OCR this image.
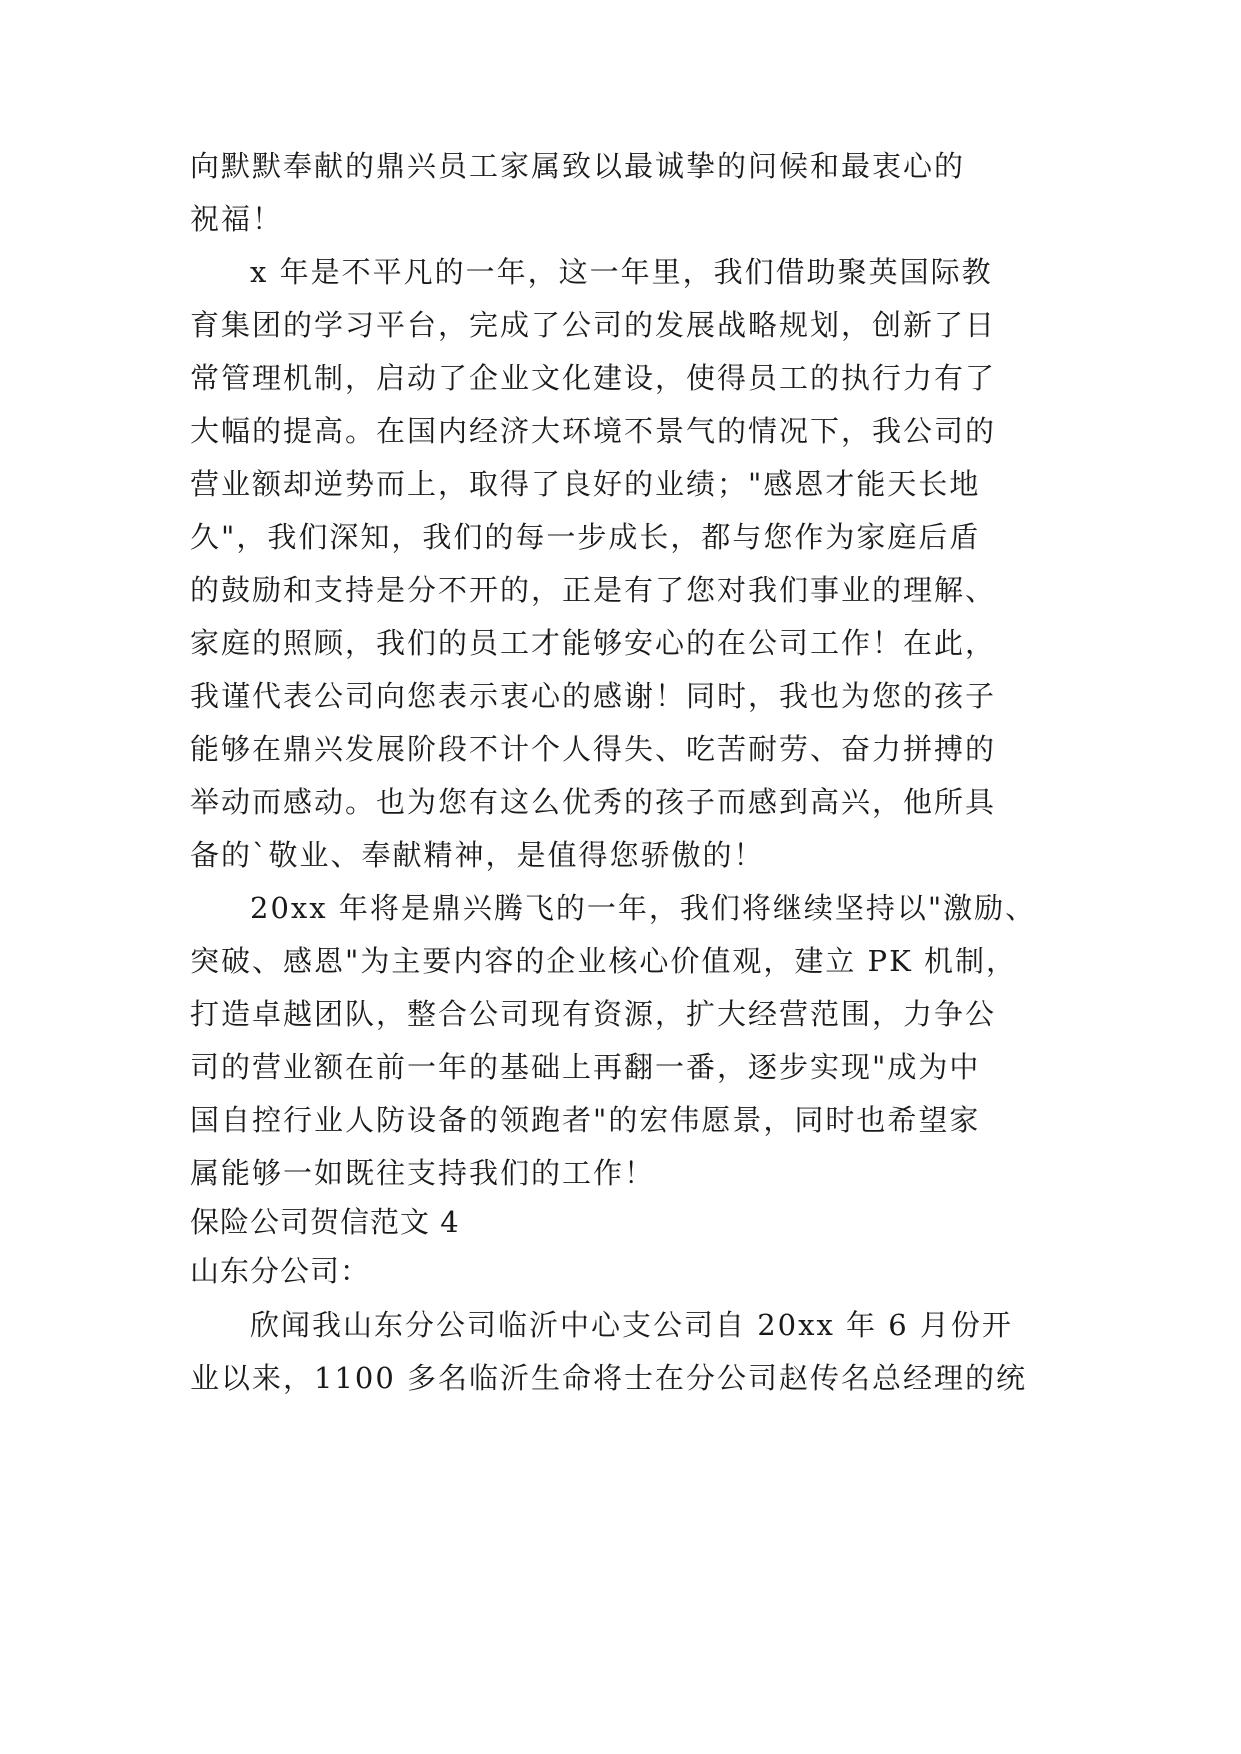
向默默奉献的鼎兴员工家属致以最诚挚的问候和最衷心的
祝福！
x 年是不平凡的一年，这一年里，我们借助聚英国际教
育集团的学习平台，完成了公司的发展战略规划，创新了日
常管理机制，启动了企业文化建设，使得员工的执行力有了
大幅的提高。在国内经济大环境不景气的情况下，我公司的
营业额却逆势而上，取得了良好的业绩；"感恩才能天长地
久"，我们深知，我们的每一步成长，都与您作为家庭后盾
的鼓励和支持是分不开的，正是有了您对我们事业的理解、
家庭的照顾，我们的员工才能够安心的在公司工作！在此，
我谨代表公司向您表示衷心的感谢！同时，我也为您的孩子
能够在鼎兴发展阶段不计个人得失、吃苦耐劳、奋力拼搏的
举动而感动。也为您有这么优秀的孩子而感到高兴，他所具
备的`敬业、奉献精神，是值得您骄傲的！
20xx 年将是鼎兴腾飞的一年，我们将继续坚持以"激励、
突破、感恩"为主要内容的企业核心价值观，建立 PK 机制，
打造卓越团队，整合公司现有资源，扩大经营范围，力争公
司的营业额在前一年的基础上再翻一番，逐步实现"成为中
国自控行业人防设备的领跑者"的宏伟愿景，同时也希望家
属能够一如既往支持我们的工作！
保险公司贺信范文 4
山东分公司：
欣闻我山东分公司临沂中心支公司自 20xx 年 6 月份开
业以来，1100 多名临沂生命将士在分公司赵传名总经理的统
